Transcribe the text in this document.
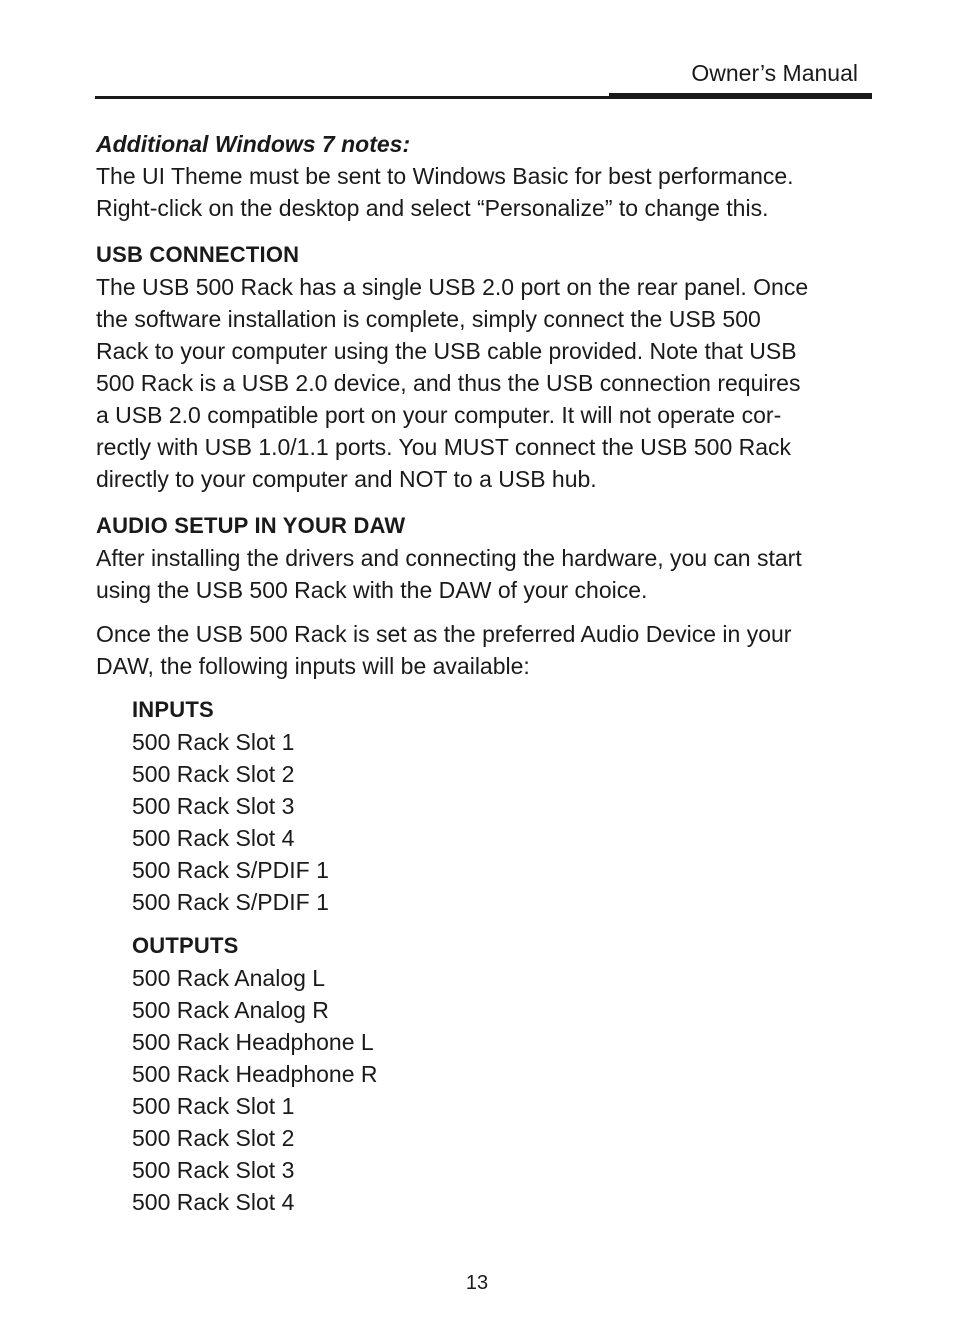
Owner’s Manual

Additional Windows 7 notes:

The UI Theme must be sent to Windows Basic for best performance.
Right-click on the desktop and select “Personalize” to change this.

USB CONNECTION

The USB 500 Rack has a single USB 2.0 port on the rear panel. Once
the software installation is complete, simply connect the USB 500
Rack to your computer using the USB cable provided. Note that USB
500 Rack is a USB 2.0 device, and thus the USB connection requires
a USB 2.0 compatible port on your computer. It will not operate cor-
rectly with USB 1.0/1.1 ports. You MUST connect the USB 500 Rack
directly to your computer and NOT to a USB hub.

AUDIO SETUP IN YOUR DAW

After installing the drivers and connecting the hardware, you can start
using the USB 500 Rack with the DAW of your choice.

Once the USB 500 Rack is set as the preferred Audio Device in your
DAW, the following inputs will be available:

INPUTS
500 Rack Slot 1
500 Rack Slot 2
500 Rack Slot 3
500 Rack Slot 4
500 Rack S/PDIF 1
500 Rack S/PDIF 1
OUTPUTS
500 Rack Analog L
500 Rack Analog R
500 Rack Headphone L
500 Rack Headphone R
500 Rack Slot 1
500 Rack Slot 2
500 Rack Slot 3
500 Rack Slot 4
13
